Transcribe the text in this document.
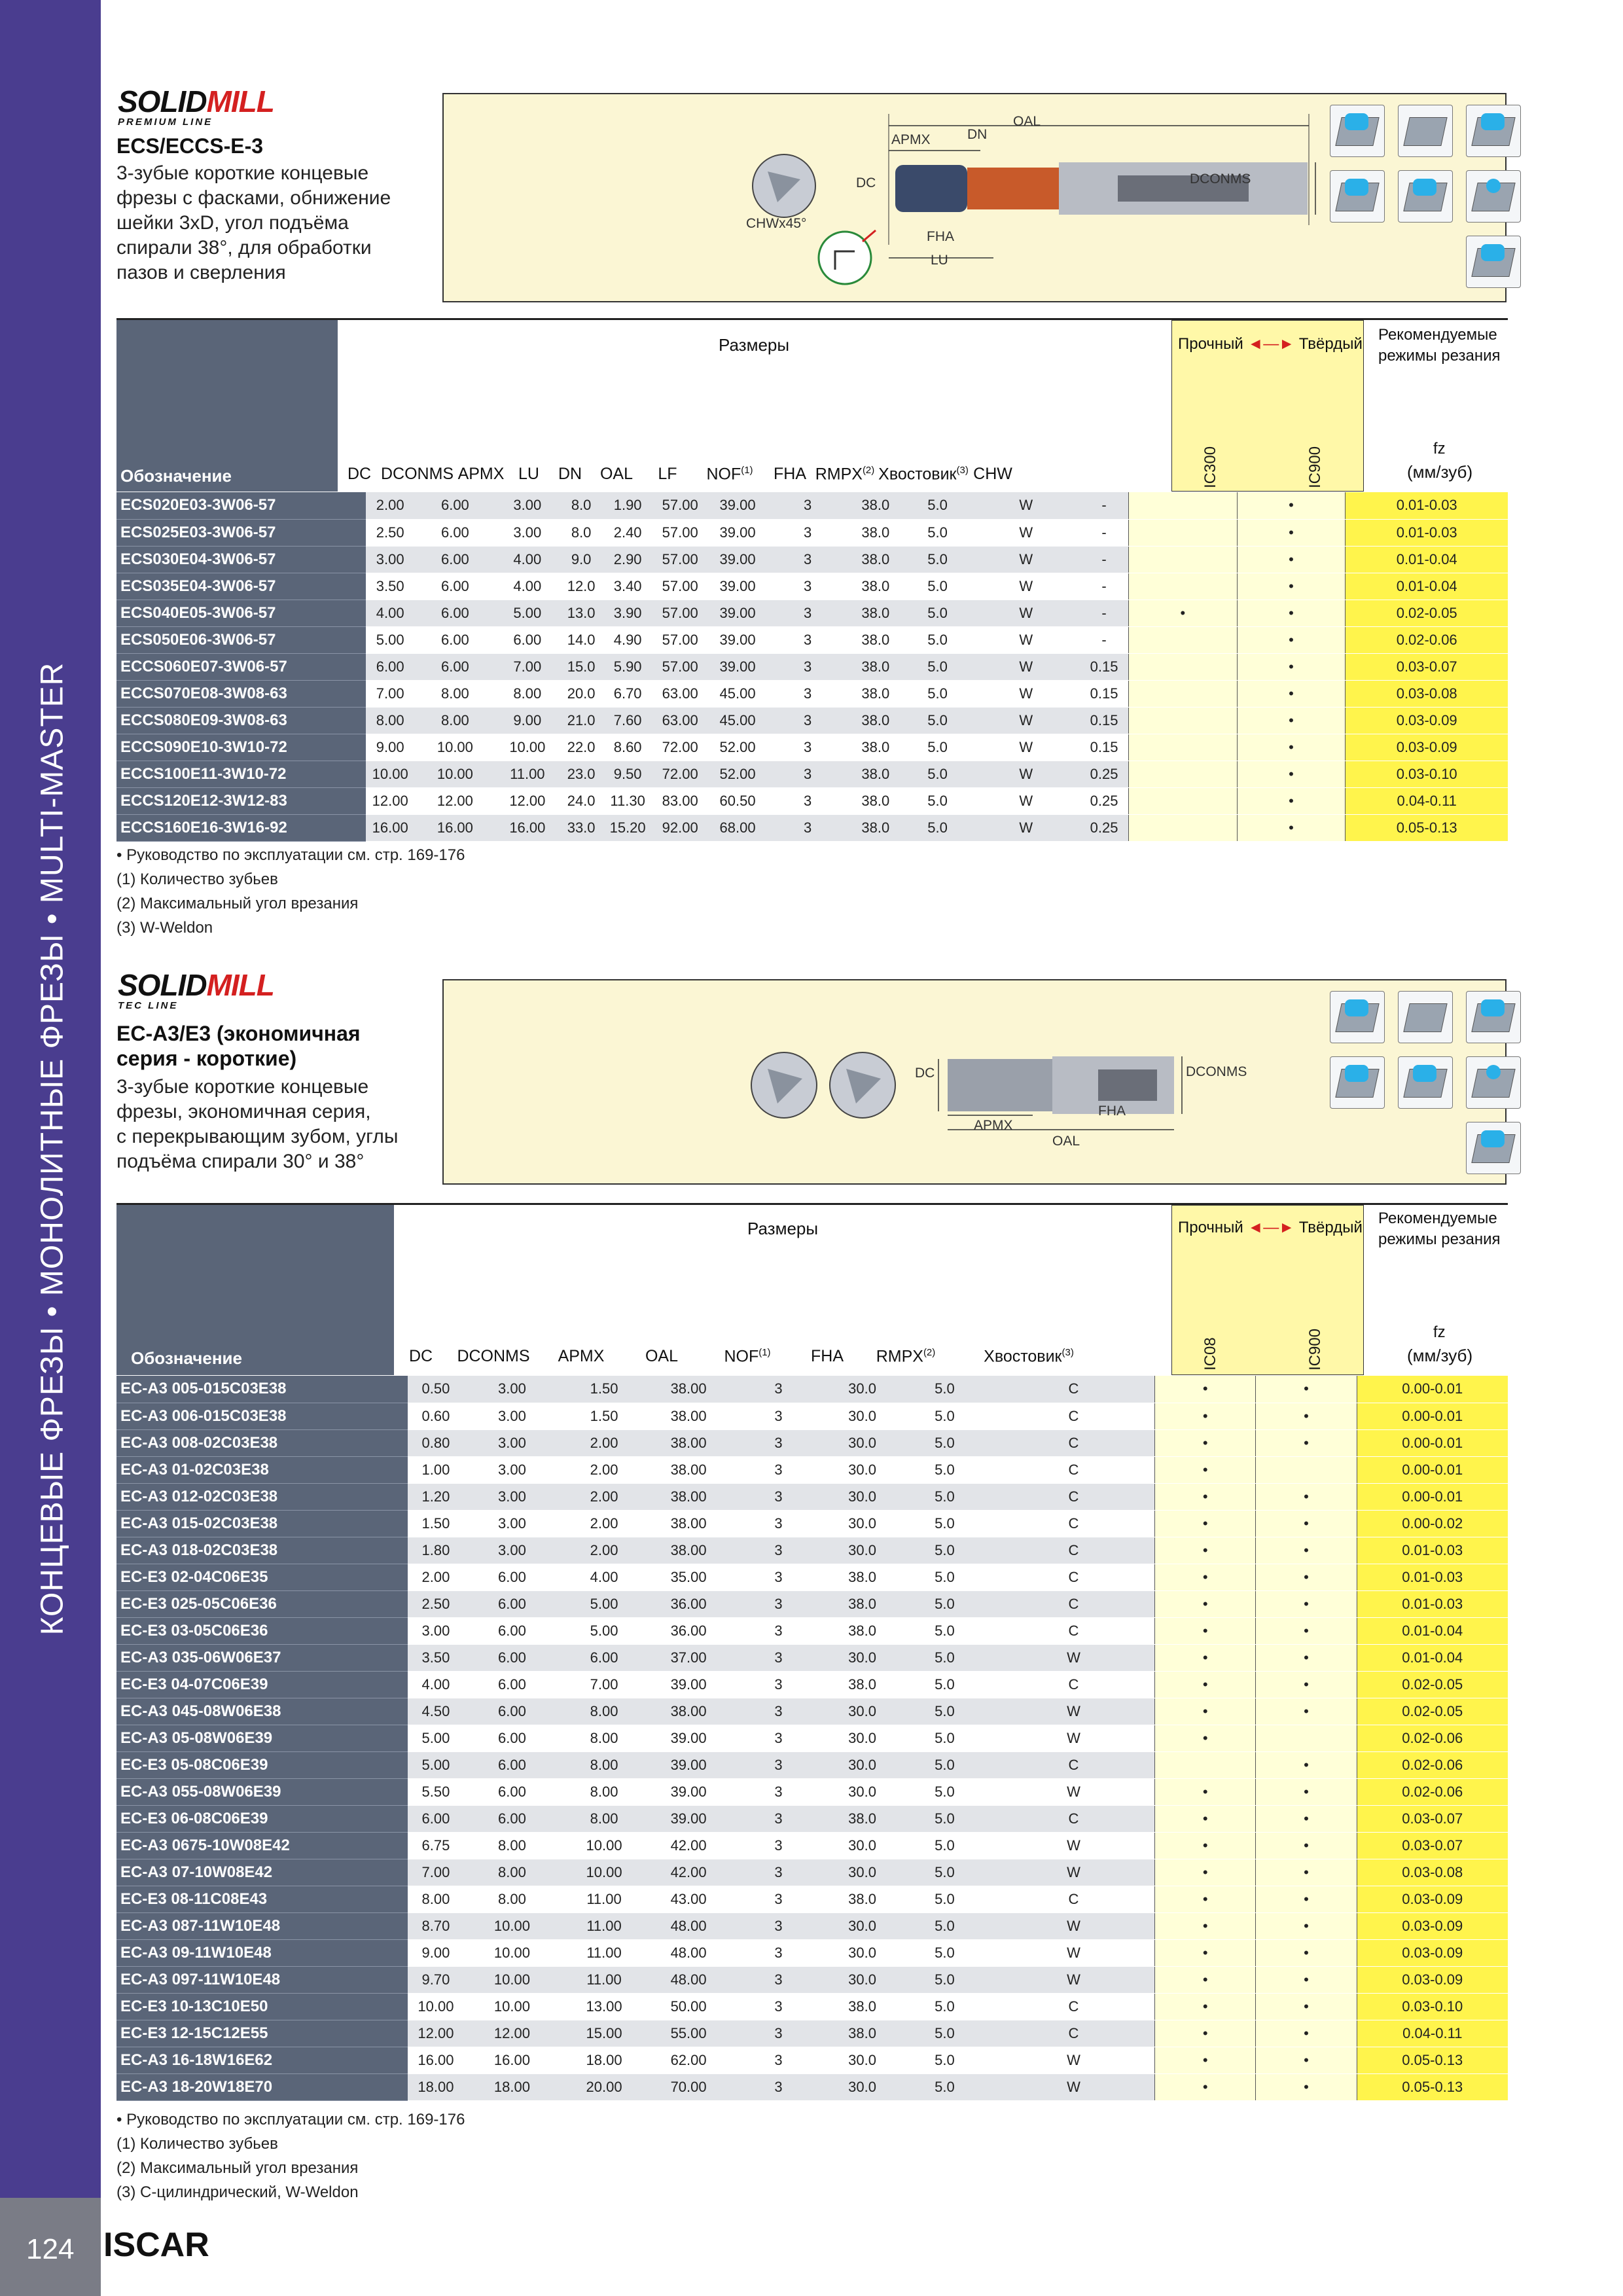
КОНЦЕВЫЕ ФРЕЗЫ • МОНОЛИТНЫЕ ФРЕЗЫ • MULTI-MASTER
124 ISCAR
SOLIDMILL
PREMIUM LINE
ECS/ECCS-E-3
3-зубые короткие концевые
фрезы с фасками, обнижение
шейки 3xD, угол подъёма
спирали 38°, для обработки
пазов и сверления
OAL
APMX	DN
DC	DCONMS
FHA
LU
CHWx45°
Обозначение
Размеры	Прочный ◄—► Твёрдый
Рекомендуемые
режимы резания
fz
(мм/зуб)
IC300	IC900
DC DCONMS APMX LU	DN	OAL	LF	NOF$^{(1)}$	FHA RMPX$^{(2)}$ Хвостовик$^{(3)}$ CHW
ECS020E03-3W06-57	2.00	6.00	3.00	8.0	1.90	57.00	39.00	3	38.0	5.0	W	-		•	0.01-0.03
ECS025E03-3W06-57	2.50	6.00	3.00	8.0	2.40	57.00	39.00	3	38.0	5.0	W	-		•	0.01-0.03
ECS030E04-3W06-57	3.00	6.00	4.00	9.0	2.90	57.00	39.00	3	38.0	5.0	W	-		•	0.01-0.04
ECS035E04-3W06-57	3.50	6.00	4.00	12.0	3.40	57.00	39.00	3	38.0	5.0	W	-		•	0.01-0.04
ECS040E05-3W06-57	4.00	6.00	5.00	13.0	3.90	57.00	39.00	3	38.0	5.0	W	-	•	•	0.02-0.05
ECS050E06-3W06-57	5.00	6.00	6.00	14.0	4.90	57.00	39.00	3	38.0	5.0	W	-		•	0.02-0.06
ECCS060E07-3W06-57	6.00	6.00	7.00	15.0	5.90	57.00	39.00	3	38.0	5.0	W	0.15		•	0.03-0.07
ECCS070E08-3W08-63	7.00	8.00	8.00	20.0	6.70	63.00	45.00	3	38.0	5.0	W	0.15		•	0.03-0.08
ECCS080E09-3W08-63	8.00	8.00	9.00	21.0	7.60	63.00	45.00	3	38.0	5.0	W	0.15		•	0.03-0.09
ECCS090E10-3W10-72	9.00	10.00	10.00	22.0	8.60	72.00	52.00	3	38.0	5.0	W	0.15		•	0.03-0.09
ECCS100E11-3W10-72	10.00	10.00	11.00	23.0	9.50	72.00	52.00	3	38.0	5.0	W	0.25		•	0.03-0.10
ECCS120E12-3W12-83	12.00	12.00	12.00	24.0	11.30	83.00	60.50	3	38.0	5.0	W	0.25		•	0.04-0.11
ECCS160E16-3W16-92	16.00	16.00	16.00	33.0	15.20	92.00	68.00	3	38.0	5.0	W	0.25		•	0.05-0.13
• Руководство по эксплуатации см. стр. 169-176
(1) Количество зубьев
(2) Максимальный угол врезания
(3) W-Weldon
SOLIDMILL
TEC LINE
EC-A3/E3 (экономичная
серия - короткие)
3-зубые короткие концевые
фрезы, экономичная серия,
с перекрывающим зубом, углы
подъёма спирали 30° и 38°
DC	DCONMS
APMX
FHA
OAL
Обозначение
Размеры	Прочный ◄—► Твёрдый
Рекомендуемые
режимы резания
fz
(мм/зуб)
IC08	IC900
DC	DCONMS	APMX	OAL	NOF$^{(1)}$	FHA	RMPX$^{(2)}$	Хвостовик$^{(3)}$
EC-A3 005-015C03E38	0.50	3.00	1.50	38.00	3	30.0	5.0	C	•	•	0.00-0.01
EC-A3 006-015C03E38	0.60	3.00	1.50	38.00	3	30.0	5.0	C	•	•	0.00-0.01
EC-A3 008-02C03E38	0.80	3.00	2.00	38.00	3	30.0	5.0	C	•	•	0.00-0.01
EC-A3 01-02C03E38	1.00	3.00	2.00	38.00	3	30.0	5.0	C	•		0.00-0.01
EC-A3 012-02C03E38	1.20	3.00	2.00	38.00	3	30.0	5.0	C	•	•	0.00-0.01
EC-A3 015-02C03E38	1.50	3.00	2.00	38.00	3	30.0	5.0	C	•	•	0.00-0.02
EC-A3 018-02C03E38	1.80	3.00	2.00	38.00	3	30.0	5.0	C	•	•	0.01-0.03
EC-E3 02-04C06E35	2.00	6.00	4.00	35.00	3	38.0	5.0	C	•	•	0.01-0.03
EC-E3 025-05C06E36	2.50	6.00	5.00	36.00	3	38.0	5.0	C	•	•	0.01-0.03
EC-E3 03-05C06E36	3.00	6.00	5.00	36.00	3	38.0	5.0	C	•	•	0.01-0.04
EC-A3 035-06W06E37	3.50	6.00	6.00	37.00	3	30.0	5.0	W	•	•	0.01-0.04
EC-E3 04-07C06E39	4.00	6.00	7.00	39.00	3	38.0	5.0	C	•	•	0.02-0.05
EC-A3 045-08W06E38	4.50	6.00	8.00	38.00	3	30.0	5.0	W	•	•	0.02-0.05
EC-A3 05-08W06E39	5.00	6.00	8.00	39.00	3	30.0	5.0	W	•		0.02-0.06
EC-E3 05-08C06E39	5.00	6.00	8.00	39.00	3	30.0	5.0	C		•	0.02-0.06
EC-A3 055-08W06E39	5.50	6.00	8.00	39.00	3	30.0	5.0	W	•	•	0.02-0.06
EC-E3 06-08C06E39	6.00	6.00	8.00	39.00	3	38.0	5.0	C	•	•	0.03-0.07
EC-A3 0675-10W08E42	6.75	8.00	10.00	42.00	3	30.0	5.0	W	•	•	0.03-0.07
EC-A3 07-10W08E42	7.00	8.00	10.00	42.00	3	30.0	5.0	W	•	•	0.03-0.08
EC-E3 08-11C08E43	8.00	8.00	11.00	43.00	3	38.0	5.0	C	•	•	0.03-0.09
EC-A3 087-11W10E48	8.70	10.00	11.00	48.00	3	30.0	5.0	W	•	•	0.03-0.09
EC-A3 09-11W10E48	9.00	10.00	11.00	48.00	3	30.0	5.0	W	•	•	0.03-0.09
EC-A3 097-11W10E48	9.70	10.00	11.00	48.00	3	30.0	5.0	W	•	•	0.03-0.09
EC-E3 10-13C10E50	10.00	10.00	13.00	50.00	3	38.0	5.0	C	•	•	0.03-0.10
EC-E3 12-15C12E55	12.00	12.00	15.00	55.00	3	38.0	5.0	C	•	•	0.04-0.11
EC-A3 16-18W16E62	16.00	16.00	18.00	62.00	3	30.0	5.0	W	•	•	0.05-0.13
EC-A3 18-20W18E70	18.00	18.00	20.00	70.00	3	30.0	5.0	W	•	•	0.05-0.13
• Руководство по эксплуатации см. стр. 169-176
(1) Количество зубьев
(2) Максимальный угол врезания
(3) C-цилиндрический, W-Weldon
